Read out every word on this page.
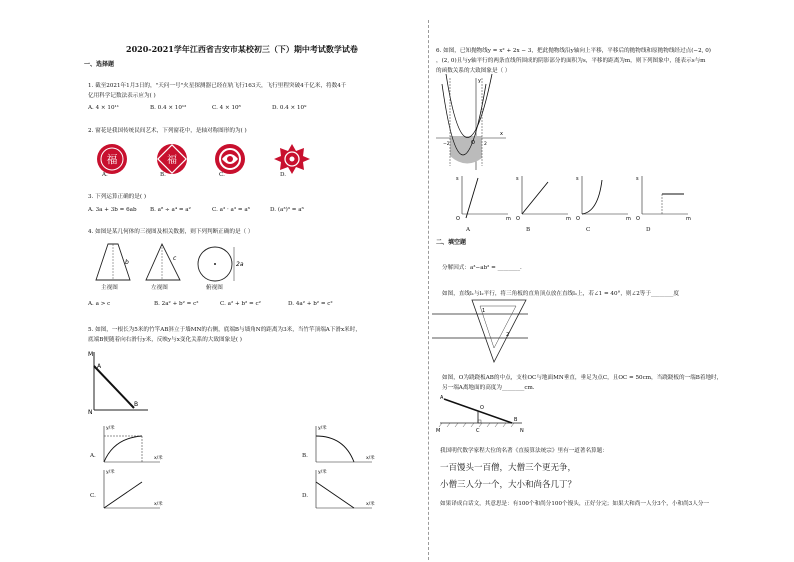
2020-2021学年江西省吉安市某校初三（下）期中考试数学试卷
一、选择题
1. 截至2021年1月3日的，"天问一号"火星探测器已经在轨飞行163天，飞行里程突破4千亿米，将数4千
亿用科学记数法表示应为( )
A. 4 × 10¹¹	B. 0.4 × 10¹²	C. 4 × 10⁸	D. 0.4 × 10⁹
2. 窗花是我国传统民间艺术，下列窗花中，是轴对称图形的为( )
福	福
A.	B.	C.	D.
3. 下列运算正确的是( )
A. 3a + 3b = 6ab B. a⁸ ÷ a⁴ = a²	C. a³ · a³ = a⁶	D. (a³)³ = a⁶
4. 如图是某几何体的三视图及相关数据，则下列判断正确的是（ ）
b
c
2a
主视图	左视图	俯视图
A. a > c	B. 2a² + b² = c²	C. a² + b² = c²	D. 4a² + b² = c²
5. 如图，一根长为5米的竹竿AB斜立于墙MN的右侧，底端B与墙角N的距离为3米，当竹竿顶端A下滑x米时，
底端B便随着向右滑行y米，反映y与x变化关系的大致图象是( )
M
A
N
B
y/米
x/米
A.
y/米
x/米
B.
y/米
x/米
C.
y/米
x/米
D.
6. 如图，已知抛物线y = x² + 2x − 3，把此抛物线沿y轴向上平移，平移后的抛物线和原抛物线经过点(−2, 0)
，(2, 0)且与y轴平行的两条直线所围成的阴影部分的面积为s，平移的距离为m，则下列图象中，能表示s与m
的函数关系的大致图象是（ ）
y
x
O
−2	2
s
m
O
A
s
m
O
B
s
m
O
C
s
m
O
D
二、填空题
分解因式：a³−ab² = ________.
如图，直线l₁与l₂平行，将三角板的直角顶点放在直线l₁上，若∠1 = 40°，则∠2等于________度
1
2
如图，O为跷跷板AB的中点，支柱OC与地面MN垂直，垂足为点C，且OC = 50cm，当跷跷板的一端B着地时，
另一端A离地面的高度为________cm.
A
O
B
M	C	N
我国明代数学家程大位的名著《直接算法统宗》里有一道著名算题：
一百馒头一百僧，大僧三个更无争，
小僧三人分一个，大小和尚各几丁？
如果译成白话文，其意思是：有100个和尚分100个馒头，正好分完；如果大和尚一人分3个，小和尚3人分一
